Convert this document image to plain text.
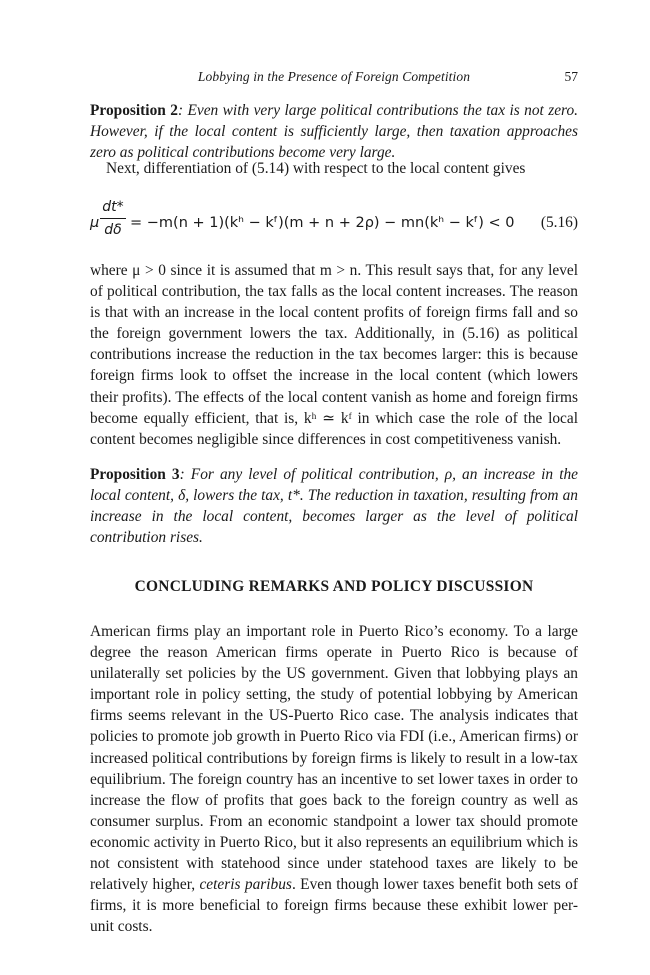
Lobbying in the Presence of Foreign Competition	57

Proposition 2: Even with very large political contributions the tax is not zero. However, if the local content is sufficiently large, then taxation approaches zero as political contributions become very large.

Next, differentiation of (5.14) with respect to the local content gives

μ
dt*
dδ = −m(n + 1)(kʰ − kᶠ)(m + n + 2ρ) − mn(kʰ − kᶠ) < 0 (5.16)

where μ > 0 since it is assumed that m > n. This result says that, for any level of political contribution, the tax falls as the local content increases. The reason is that with an increase in the local content profits of foreign firms fall and so the foreign government lowers the tax. Additionally, in (5.16) as political contributions increase the reduction in the tax becomes larger: this is because foreign firms look to offset the increase in the local content (which lowers their profits). The effects of the local content vanish as home and foreign firms become equally efficient, that is, kʰ ≃ kᶠ in which case the role of the local content becomes negligible since differences in cost competitiveness vanish.

Proposition 3: For any level of political contribution, ρ, an increase in the local content, δ, lowers the tax, t*. The reduction in taxation, resulting from an increase in the local content, becomes larger as the level of political contribution rises.

CONCLUDING REMARKS AND POLICY DISCUSSION

American firms play an important role in Puerto Rico’s economy. To a large degree the reason American firms operate in Puerto Rico is because of unilaterally set policies by the US government. Given that lobbying plays an important role in policy setting, the study of potential lobbying by American firms seems relevant in the US-Puerto Rico case. The analysis indicates that policies to promote job growth in Puerto Rico via FDI (i.e., American firms) or increased political contributions by foreign firms is likely to result in a low-tax equilibrium. The foreign country has an incentive to set lower taxes in order to increase the flow of profits that goes back to the foreign country as well as consumer surplus. From an economic standpoint a lower tax should promote economic activity in Puerto Rico, but it also represents an equilibrium which is not consistent with statehood since under statehood taxes are likely to be relatively higher, ceteris paribus. Even though lower taxes benefit both sets of firms, it is more beneficial to foreign firms because these exhibit lower per-unit costs.
